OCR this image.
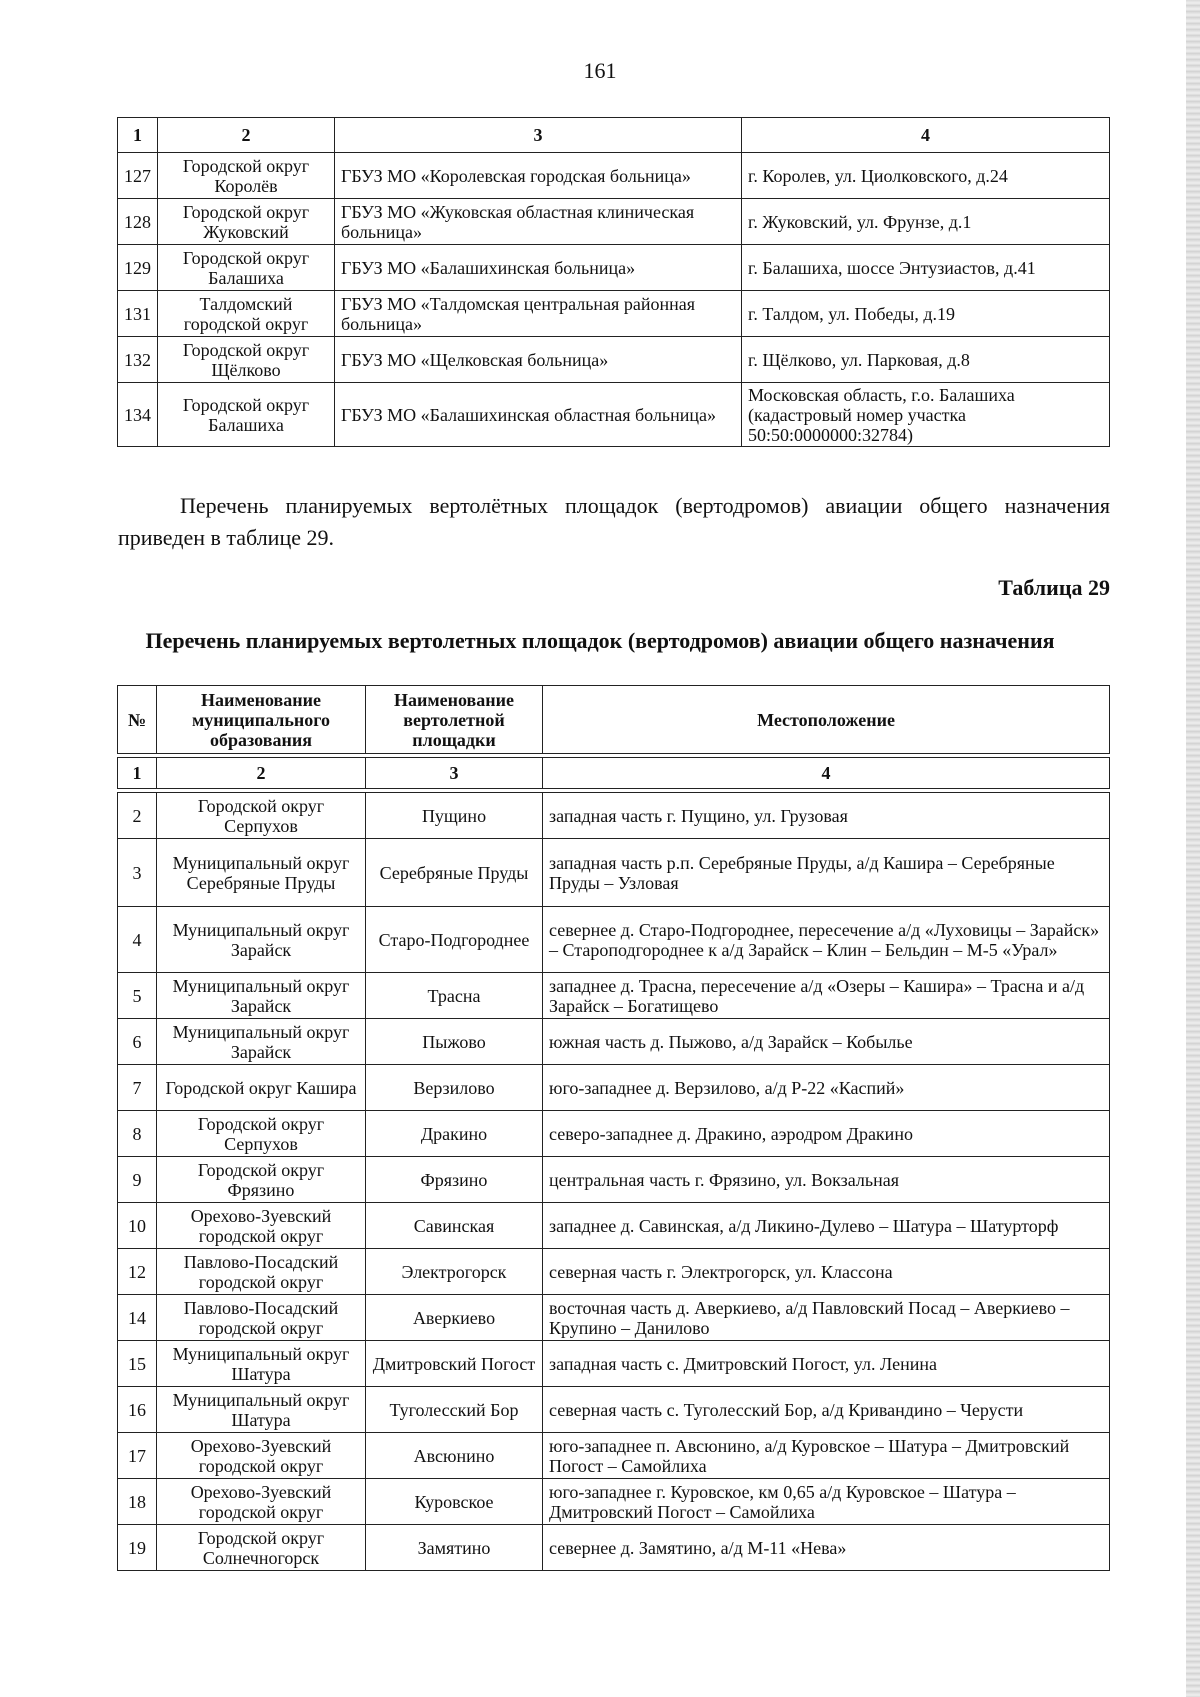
161
1	2	3	4
127	Городской округ Королёв	ГБУЗ МО «Королевская городская больница»	г. Королев, ул. Циолковского, д.24
128	Городской округ Жуковский	ГБУЗ МО «Жуковская областная клиническая больница»	г. Жуковский, ул. Фрунзе, д.1
129	Городской округ Балашиха	ГБУЗ МО «Балашихинская больница»	г. Балашиха, шоссе Энтузиастов, д.41
131	Талдомский городской округ	ГБУЗ МО «Талдомская центральная районная больница»	г. Талдом, ул. Победы, д.19
132	Городской округ Щёлково	ГБУЗ МО «Щелковская больница»	г. Щёлково, ул. Парковая, д.8
134	Городской округ Балашиха	ГБУЗ МО «Балашихинская областная больница»	Московская область, г.о. Балашиха (кадастровый номер участка 50:50:0000000:32784)
Перечень планируемых вертолётных площадок (вертодромов) авиации общего назначения приведен в таблице 29.
Таблица 29
Перечень планируемых вертолетных площадок (вертодромов) авиации общего назначения
№	Наименование муниципального образования	Наименование вертолетной площадки	Местоположение

1	2	3	4

2	Городской округ Серпухов	Пущино	западная часть г. Пущино, ул. Грузовая
3	Муниципальный округ Серебряные Пруды	Серебряные Пруды	западная часть р.п. Серебряные Пруды, а/д Кашира – Серебряные Пруды – Узловая
4	Муниципальный округ Зарайск	Старо-Подгороднее	севернее д. Старо-Подгороднее, пересечение а/д «Луховицы – Зарайск» – Староподгороднее к а/д Зарайск – Клин – Бельдин – М-5 «Урал»
5	Муниципальный округ Зарайск	Трасна	западнее д. Трасна, пересечение а/д «Озеры – Кашира» – Трасна и а/д Зарайск – Богатищево
6	Муниципальный округ Зарайск	Пыжово	южная часть д. Пыжово, а/д Зарайск – Кобылье
7	Городской округ Кашира	Верзилово	юго-западнее д. Верзилово, а/д Р-22 «Каспий»
8	Городской округ Серпухов	Дракино	северо-западнее д. Дракино, аэродром Дракино
9	Городской округ Фрязино	Фрязино	центральная часть г. Фрязино, ул. Вокзальная
10	Орехово-Зуевский городской округ	Савинская	западнее д. Савинская, а/д Ликино-Дулево – Шатура – Шатурторф
12	Павлово-Посадский городской округ	Электрогорск	северная часть г. Электрогорск, ул. Классона
14	Павлово-Посадский городской округ	Аверкиево	восточная часть д. Аверкиево, а/д Павловский Посад – Аверкиево – Крупино – Данилово
15	Муниципальный округ Шатура	Дмитровский Погост	западная часть с. Дмитровский Погост, ул. Ленина
16	Муниципальный округ Шатура	Туголесский Бор	северная часть с. Туголесский Бор, а/д Кривандино – Черусти
17	Орехово-Зуевский городской округ	Авсюнино	юго-западнее п. Авсюнино, а/д Куровское – Шатура – Дмитровский Погост – Самойлиха
18	Орехово-Зуевский городской округ	Куровское	юго-западнее г. Куровское, км 0,65 а/д Куровское – Шатура – Дмитровский Погост – Самойлиха
19	Городской округ Солнечногорск	Замятино	севернее д. Замятино, а/д М-11 «Нева»
